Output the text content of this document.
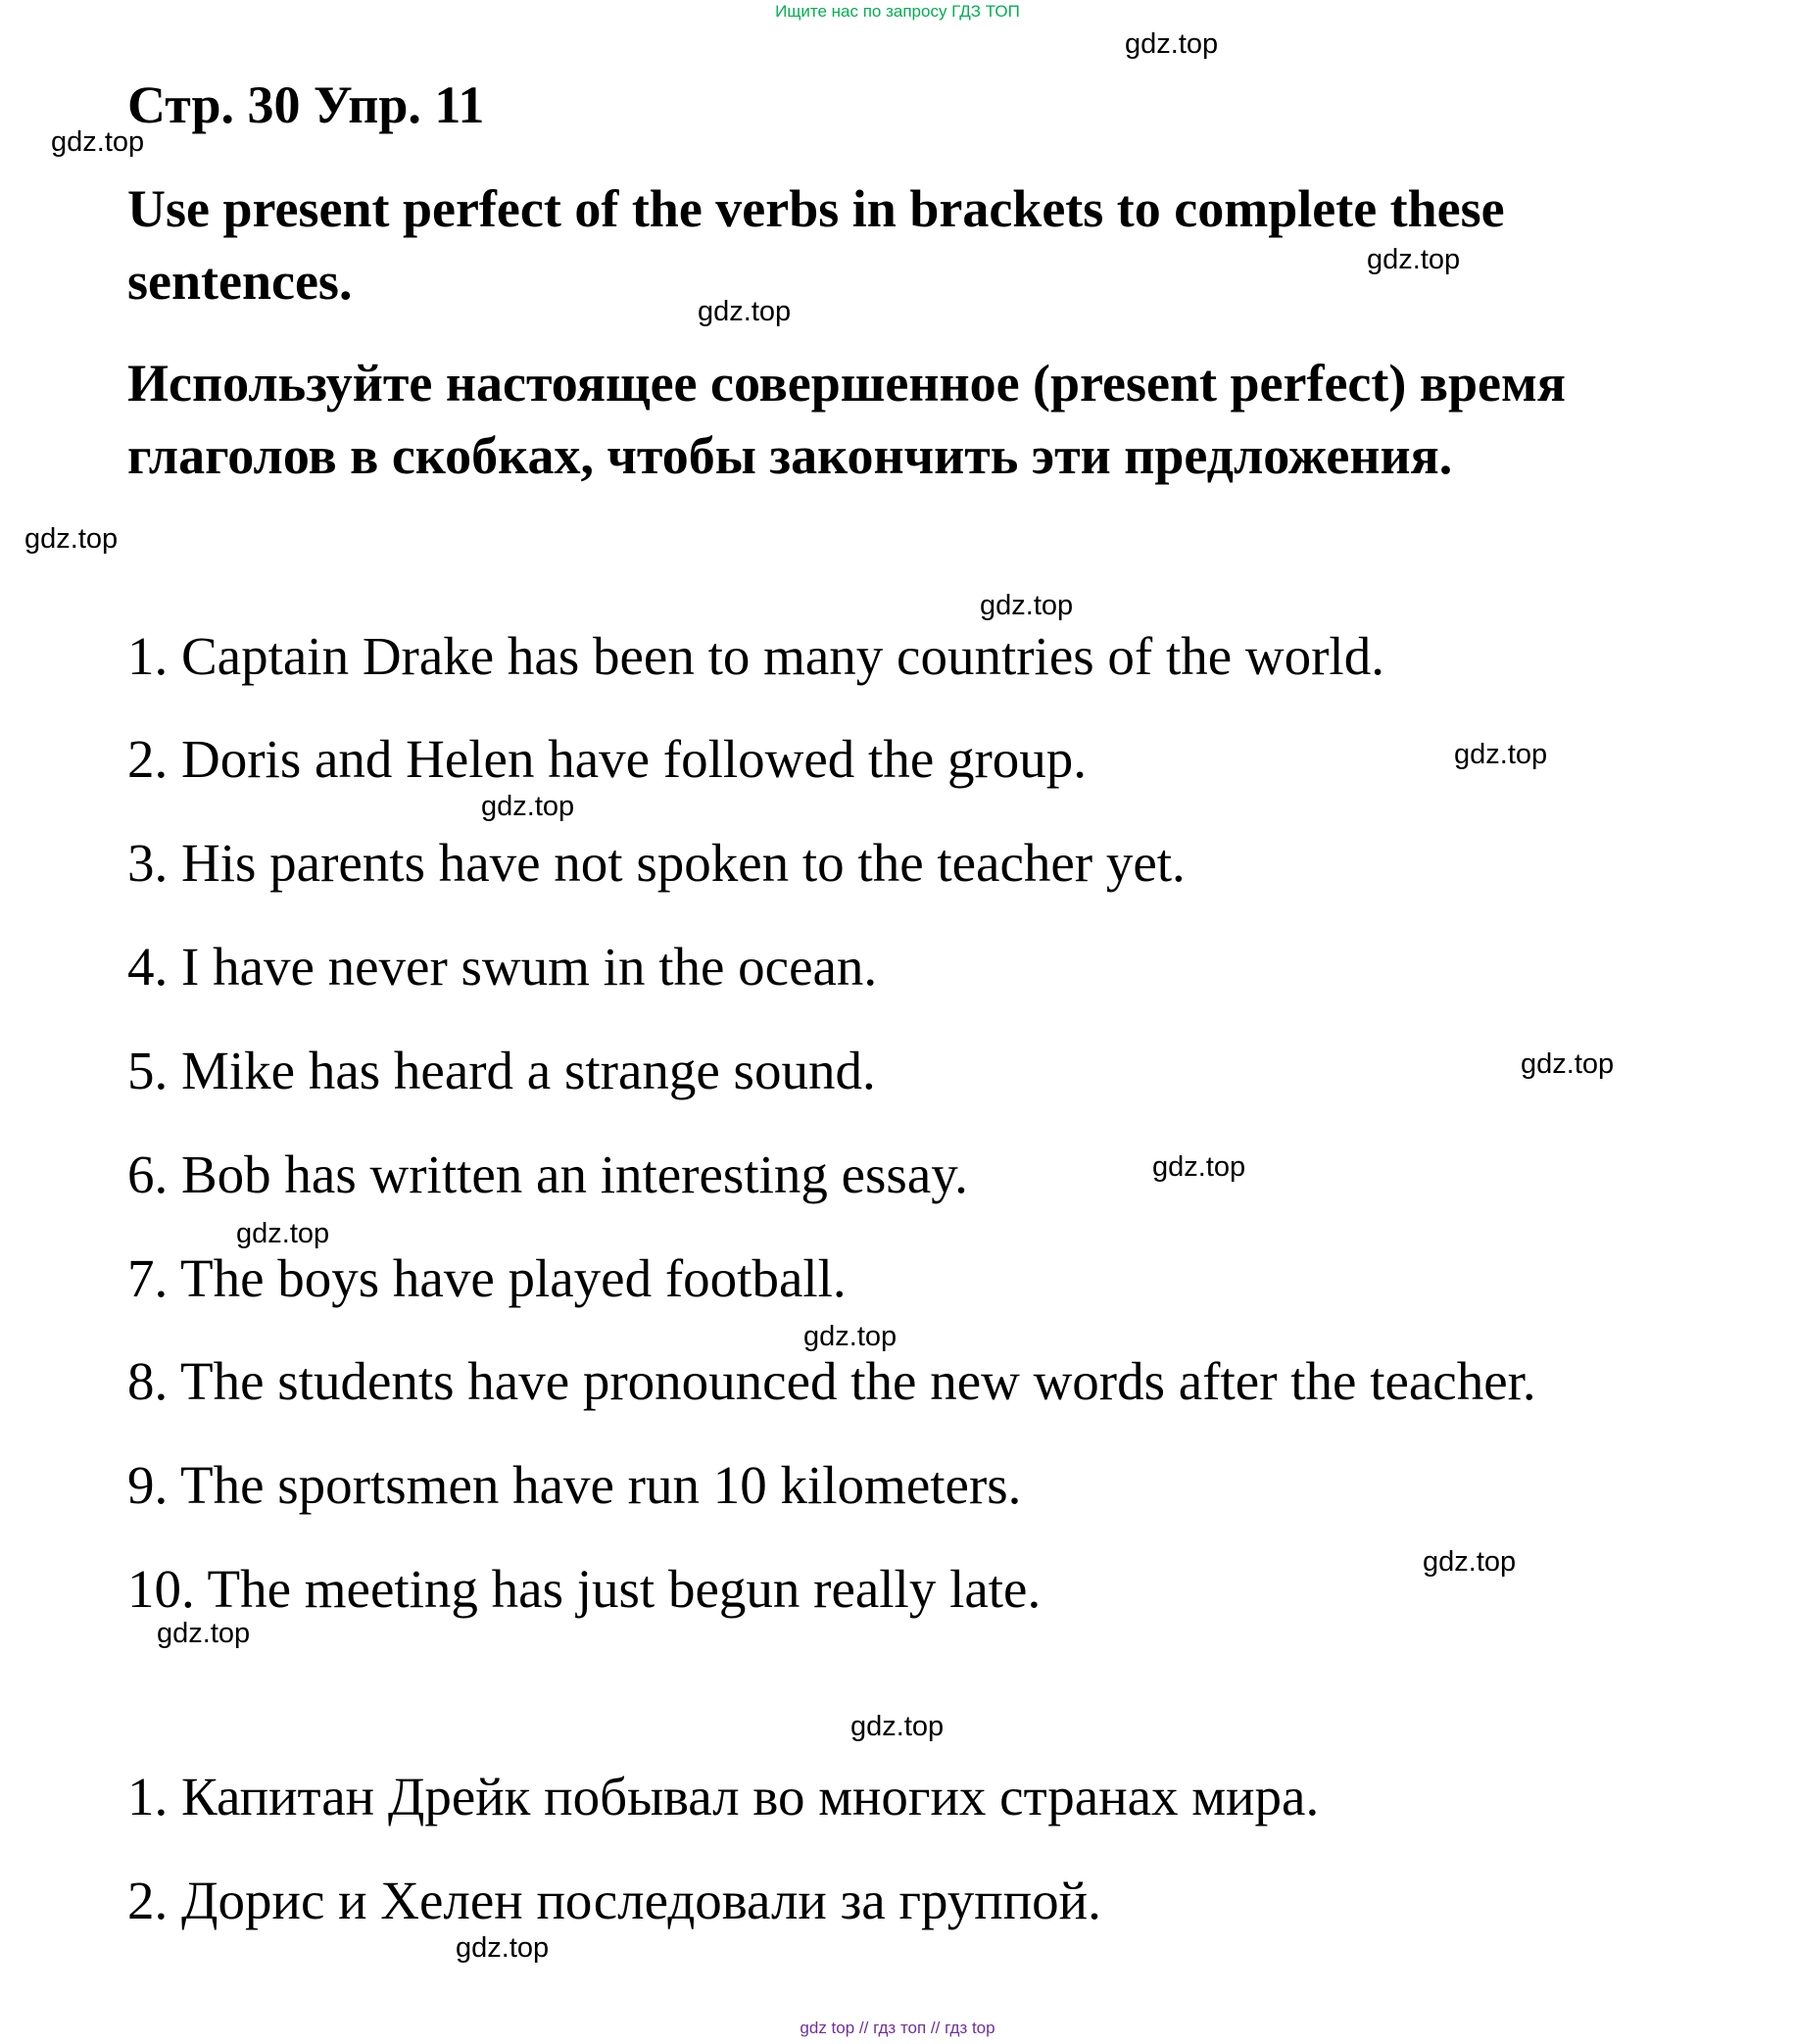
Ищите нас по запросу ГДЗ ТОП
Стр. 30 Упр. 11
Use present perfect of the verbs in brackets to complete these
sentences.
Используйте настоящее совершенное (present perfect) время
глаголов в скобках, чтобы закончить эти предложения.

1. Captain Drake has been to many countries of the world.

2. Doris and Helen have followed the group.

3. His parents have not spoken to the teacher yet.

4. I have never swum in the ocean.

5. Mike has heard a strange sound.

6. Bob has written an interesting essay.

7. The boys have played football.

8. The students have pronounced the new words after the teacher.

9. The sportsmen have run 10 kilometers.

10. The meeting has just begun really late.

1. Капитан Дрейк побывал во многих странах мира.

2. Дорис и Хелен последовали за группой.

gdz.top
gdz.top
gdz.top
gdz.top
gdz.top
gdz.top
gdz.top
gdz.top
gdz.top
gdz.top
gdz.top
gdz.top
gdz.top
gdz.top
gdz.top
gdz.top
gdz top // гдз топ // гдз top
